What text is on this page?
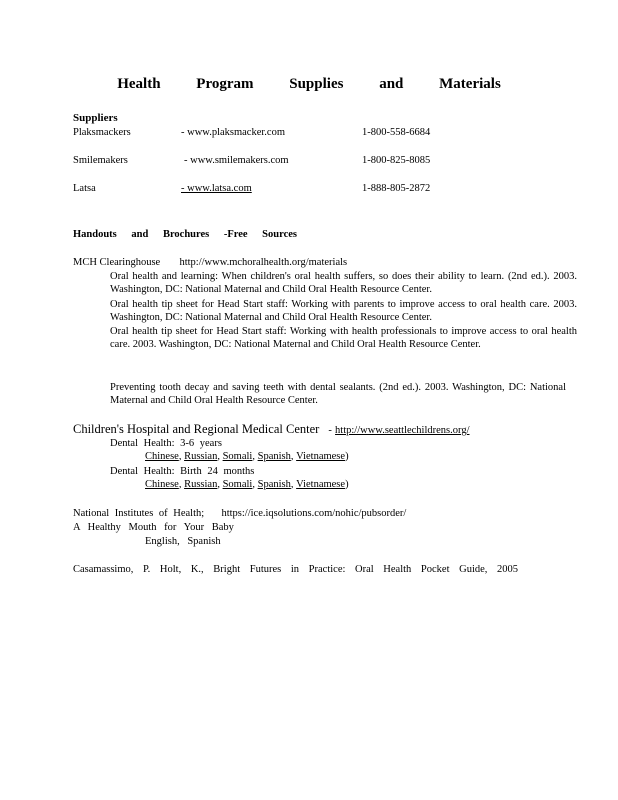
Health Program Supplies and Materials
Suppliers
Plaksmackers	- www.plaksmacker.com	1-800-558-6684
Smilemakers	- www.smilemakers.com	1-800-825-8085
Latsa	- www.latsa.com	1-888-805-2872
Handouts and Brochures -Free Sources
MCH Clearinghouse http://www.mchoralhealth.org/materials
Oral health and learning: When children's oral health suffers, so does their ability to learn. (2nd ed.). 2003. Washington, DC: National Maternal and Child Oral Health Resource Center.
Oral health tip sheet for Head Start staff: Working with parents to improve access to oral health care. 2003. Washington, DC: National Maternal and Child Oral Health Resource Center.
Oral health tip sheet for Head Start staff: Working with health professionals to improve access to oral health care. 2003. Washington, DC: National Maternal and Child Oral Health Resource Center.
Preventing tooth decay and saving teeth with dental sealants. (2nd ed.). 2003. Washington, DC: National Maternal and Child Oral Health Resource Center.
Children's Hospital and Regional Medical Center - http://www.seattlechildrens.org/
Dental Health: 3-6 years
Chinese, Russian, Somali, Spanish, Vietnamese)
Dental Health: Birth 24 months
Chinese, Russian, Somali, Spanish, Vietnamese)
National Institutes of Health; https://ice.iqsolutions.com/nohic/pubsorder/
A Healthy Mouth for Your Baby
English, Spanish
Casamassimo, P. Holt, K., Bright Futures in Practice: Oral Health Pocket Guide, 2005
